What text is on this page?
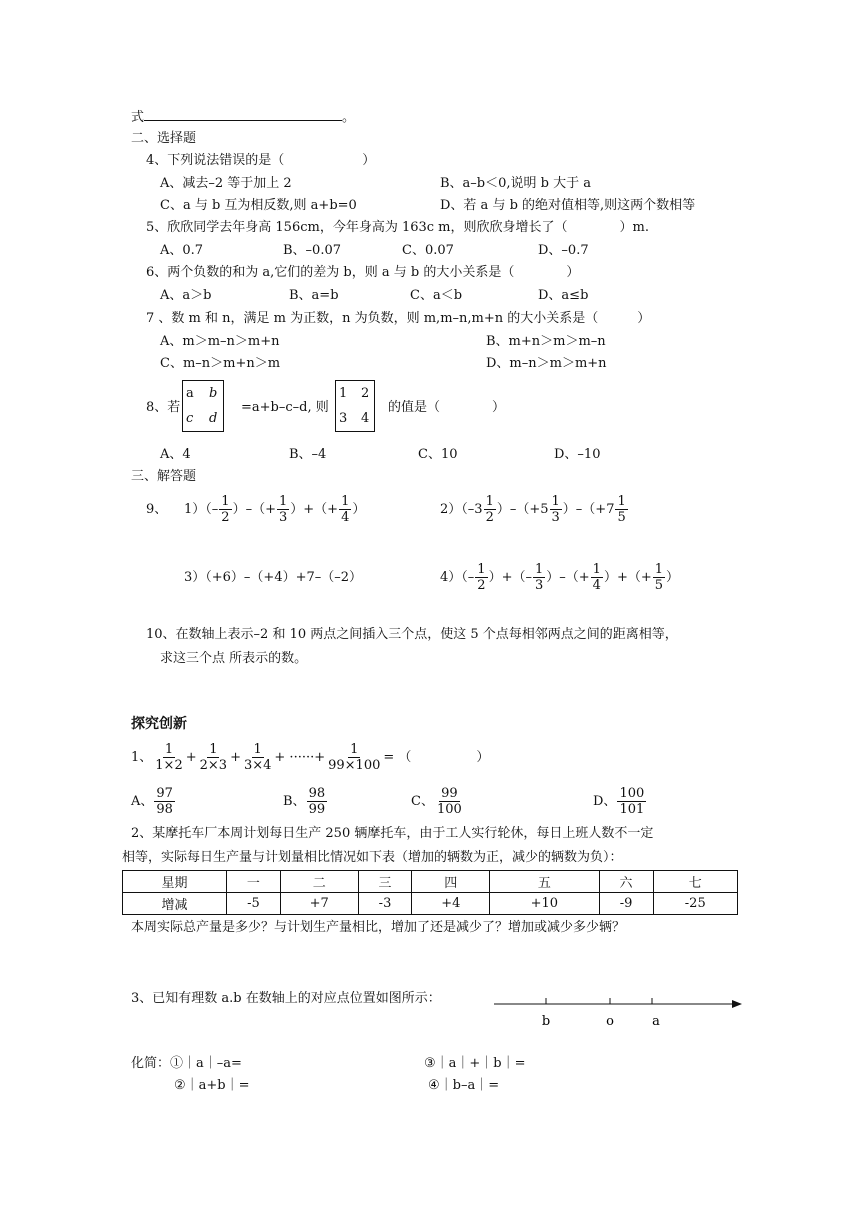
式	。
二、选择题
4、下列说法错误的是（　　　　　　）
A、减去–2 等于加上 2	B、a–b＜0,说明 b 大于 a
C、a 与 b 互为相反数,则 a+b=0	D、若 a 与 b 的绝对值相等,则这两个数相等
5、欣欣同学去年身高 156cm，今年身高为 163c m，则欣欣身增长了（　　　　）m.
A、0.7	B、–0.07	C、0.07	D、–0.7
6、两个负数的和为 a,它们的差为 b，则 a 与 b 的大小关系是（　　　　）
A、a＞b	B、a=b	C、a＜b	D、a≤b
7 、数 m 和 n，满足 m 为正数，n 为负数，则 m,m–n,m+n 的大小关系是（　　　）
A、m＞m–n＞m+n	B、m+n＞m＞m–n
C、m–n＞m+n＞m	D、m–n＞m＞m+n
8、若
a b
c d
=a+b–c–d, 则
1 2
3 4
的值是（　　　　）
A、4	B、–4	C、10	D、–10
三、解答题
9、 $1)(- \frac{1}{2}$ ）–（+ $\frac{1}{3}$ ）+（+ $\frac{1}{4}$ ）	$2)(-3 \frac{1}{2} )-(+5 \frac{1}{3} )-(+7 \frac{1}{5}$
3）（+6）–（+4）+7–（–2）	$4)(- \frac{1}{2}$ ）+（– $\frac{1}{3}$ ）–（+ $\frac{1}{4}$ ）+（+ $\frac{1}{5}$ ）
10、在数轴上表示–2 和 10 两点之间插入三个点，使这 5 个点每相邻两点之间的距离相等，
求这三个点 所表示的数。
探究创新
1、 $\frac{1}{1\times 2} + \frac{1}{2\times 3} + \frac{1}{3\times 4}$ + ······+ $\frac{1}{99\times 100}$ = （　　　　　）
A、 $\frac{97}{98}$	B、 $\frac{98}{99}$	C、 $\frac{99}{100}$	D、 $\frac{100}{101}$
2、某摩托车厂本周计划每日生产 250 辆摩托车，由于工人实行轮休，每日上班人数不一定
相等，实际每日生产量与计划量相比情况如下表（增加的辆数为正，减少的辆数为负）：
星期	一	二	三	四	五	六	七
增减	-5	+7	-3	+4	+10	-9	-25
本周实际总产量是多少？与计划生产量相比，增加了还是减少了？增加或减少多少辆？
3、已知有理数 a.b 在数轴上的对应点位置如图所示：
b	o	a
化简：①｜a｜–a=	③｜a｜+｜b｜=
②｜a+b｜=	④｜b–a｜=
